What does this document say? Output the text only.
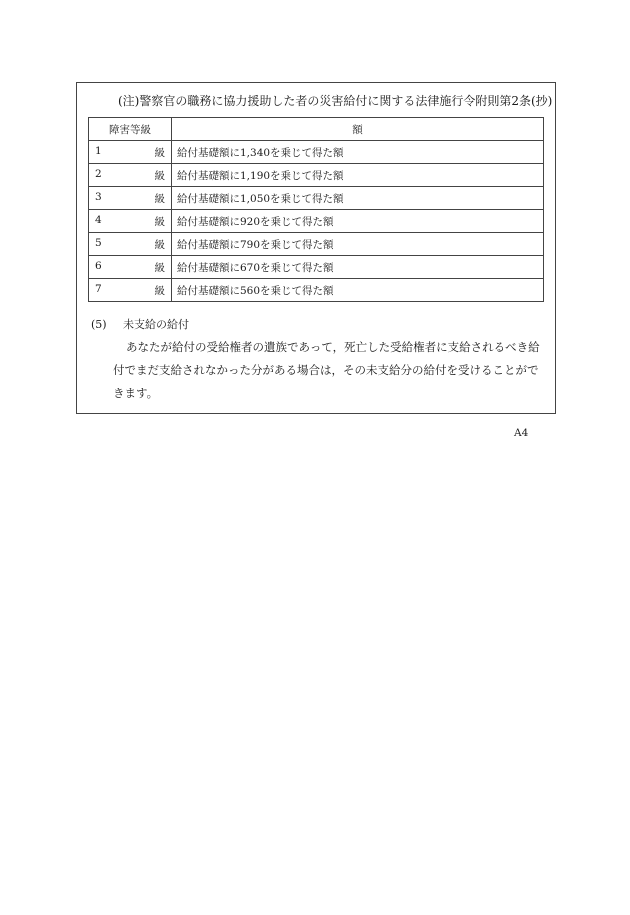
(注)警察官の職務に協力援助した者の災害給付に関する法律施行令附則第2条(抄)
障害等級	額

1 級	給付基礎額に1,340を乗じて得た額

2 級	給付基礎額に1,190を乗じて得た額

3 級	給付基礎額に1,050を乗じて得た額

4 級	給付基礎額に920を乗じて得た額

5 級	給付基礎額に790を乗じて得た額

6 級	給付基礎額に670を乗じて得た額

7 級	給付基礎額に560を乗じて得た額
(5) 未支給の給付
あなたが給付の受給権者の遺族であって，死亡した受給権者に支給されるべき給
付でまだ支給されなかった分がある場合は，その未支給分の給付を受けることがで
きます。
A4
